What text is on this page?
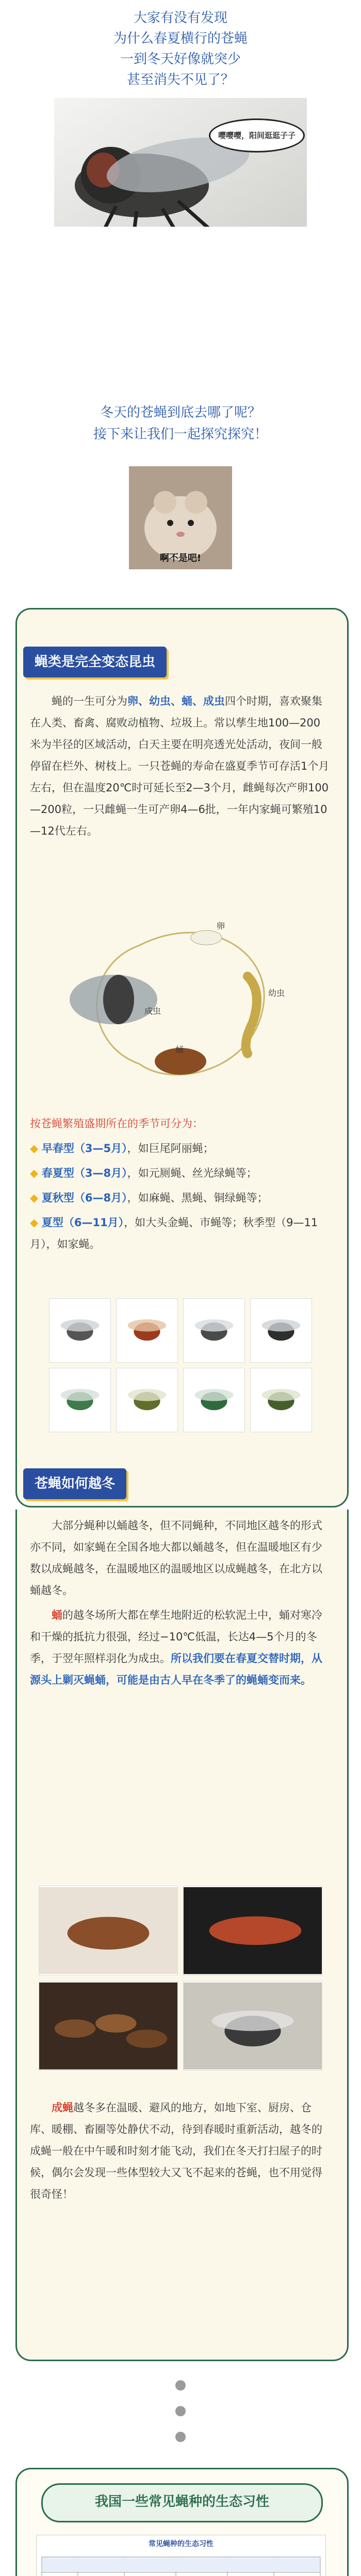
嘤嘤嘤，阳间逛逛子子
冬天的苍蝇到底去哪了呢？
接下来让我们一起探究探究！
啊不是吧!
蝇类是完全变态昆虫

蝇的一生可分为卵、幼虫、蛹、成虫四个时期，喜欢聚集在人类、畜禽、腐败动植物、垃圾上。常以孳生地100—200米为半径的区域活动，白天主要在明亮透光处活动，夜间一般停留在栏外、树枝上。一只苍蝇的寿命在盛夏季节可存活1个月左右，但在温度20℃时可延长至2—3个月，雌蝇每次产卵100—200粒，一只雌蝇一生可产卵4—6批，一年内家蝇可繁殖10—12代左右。

卵
幼虫
蛹
成虫

按苍蝇繁殖盛期所在的季节可分为：

◆ 早春型（3—5月），如巨尾阿丽蝇；

◆ 春夏型（3—8月），如元厕蝇、丝光绿蝇等；

◆ 夏秋型（6—8月），如麻蝇、黑蝇、铜绿蝇等；

◆ 夏型（6—11月），如大头金蝇、市蝇等；秋季型（9—11月），如家蝇。

苍蝇如何越冬

大部分蝇种以蛹越冬，但不同蝇种，不同地区越冬的形式亦不同，如家蝇在全国各地大都以蛹越冬，但在温暖地区有少数以成蝇越冬，在温暖地区的温暖地区以成蝇越冬，在北方以蛹越冬。

蛹的越冬场所大都在孳生地附近的松软泥土中，蛹对寒冷和干燥的抵抗力很强，经过−10℃低温，长达4—5个月的冬季，于翌年照样羽化为成虫。所以我们要在春夏交替时期，从源头上剿灭蝇蛹，可能是由古人早在冬季了的蝇蛹变而来。

成蝇越冬多在温暖、避风的地方，如地下室、厨房、仓库、暖棚、畜圈等处静伏不动，待到春暖时重新活动，越冬的成蝇一般在中午暖和时刻才能飞动，我们在冬天打扫屋子的时候，偶尔会发现一些体型较大又飞不起来的苍蝇，也不用觉得很奇怪！

我国一些常见蝇种的生态习性
常见蝇种的生态习性
大家有没有发现
为什么春夏横行的苍蝇
一到冬天好像就突少
甚至消失不见了？
